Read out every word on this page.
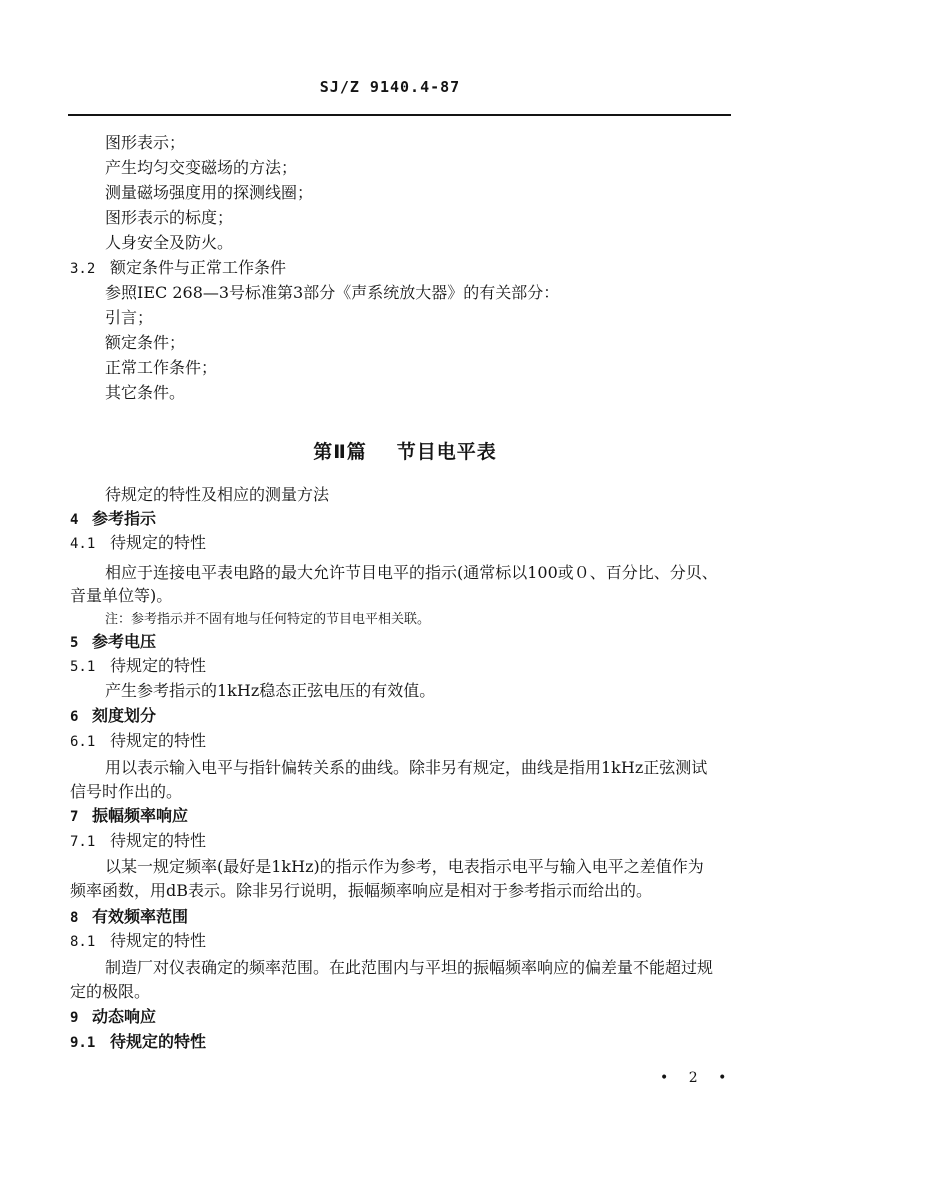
SJ/Z 9140.4-87
图形表示；
产生均匀交变磁场的方法；
测量磁场强度用的探测线圈；
图形表示的标度；
人身安全及防火。
3.2 额定条件与正常工作条件
参照IEC 268—3号标准第3部分《声系统放大器》的有关部分：
引言；
额定条件；
正常工作条件；
其它条件。
第Ⅱ篇 节目电平表
待规定的特性及相应的测量方法
4 参考指示
4.1 待规定的特性
相应于连接电平表电路的最大允许节目电平的指示(通常标以100或０、百分比、分贝、
音量单位等)。
注：参考指示并不固有地与任何特定的节目电平相关联。
5 参考电压
5.1 待规定的特性
产生参考指示的1kHz稳态正弦电压的有效值。
6 刻度划分
6.1 待规定的特性
用以表示输入电平与指针偏转关系的曲线。除非另有规定，曲线是指用1kHz正弦测试
信号时作出的。
7 振幅频率响应
7.1 待规定的特性
以某一规定频率(最好是1kHz)的指示作为参考，电表指示电平与输入电平之差值作为
频率函数，用dB表示。除非另行说明，振幅频率响应是相对于参考指示而给出的。
8 有效频率范围
8.1 待规定的特性
制造厂对仪表确定的频率范围。在此范围内与平坦的振幅频率响应的偏差量不能超过规
定的极限。
9 动态响应
9.1 待规定的特性
• 2 •
